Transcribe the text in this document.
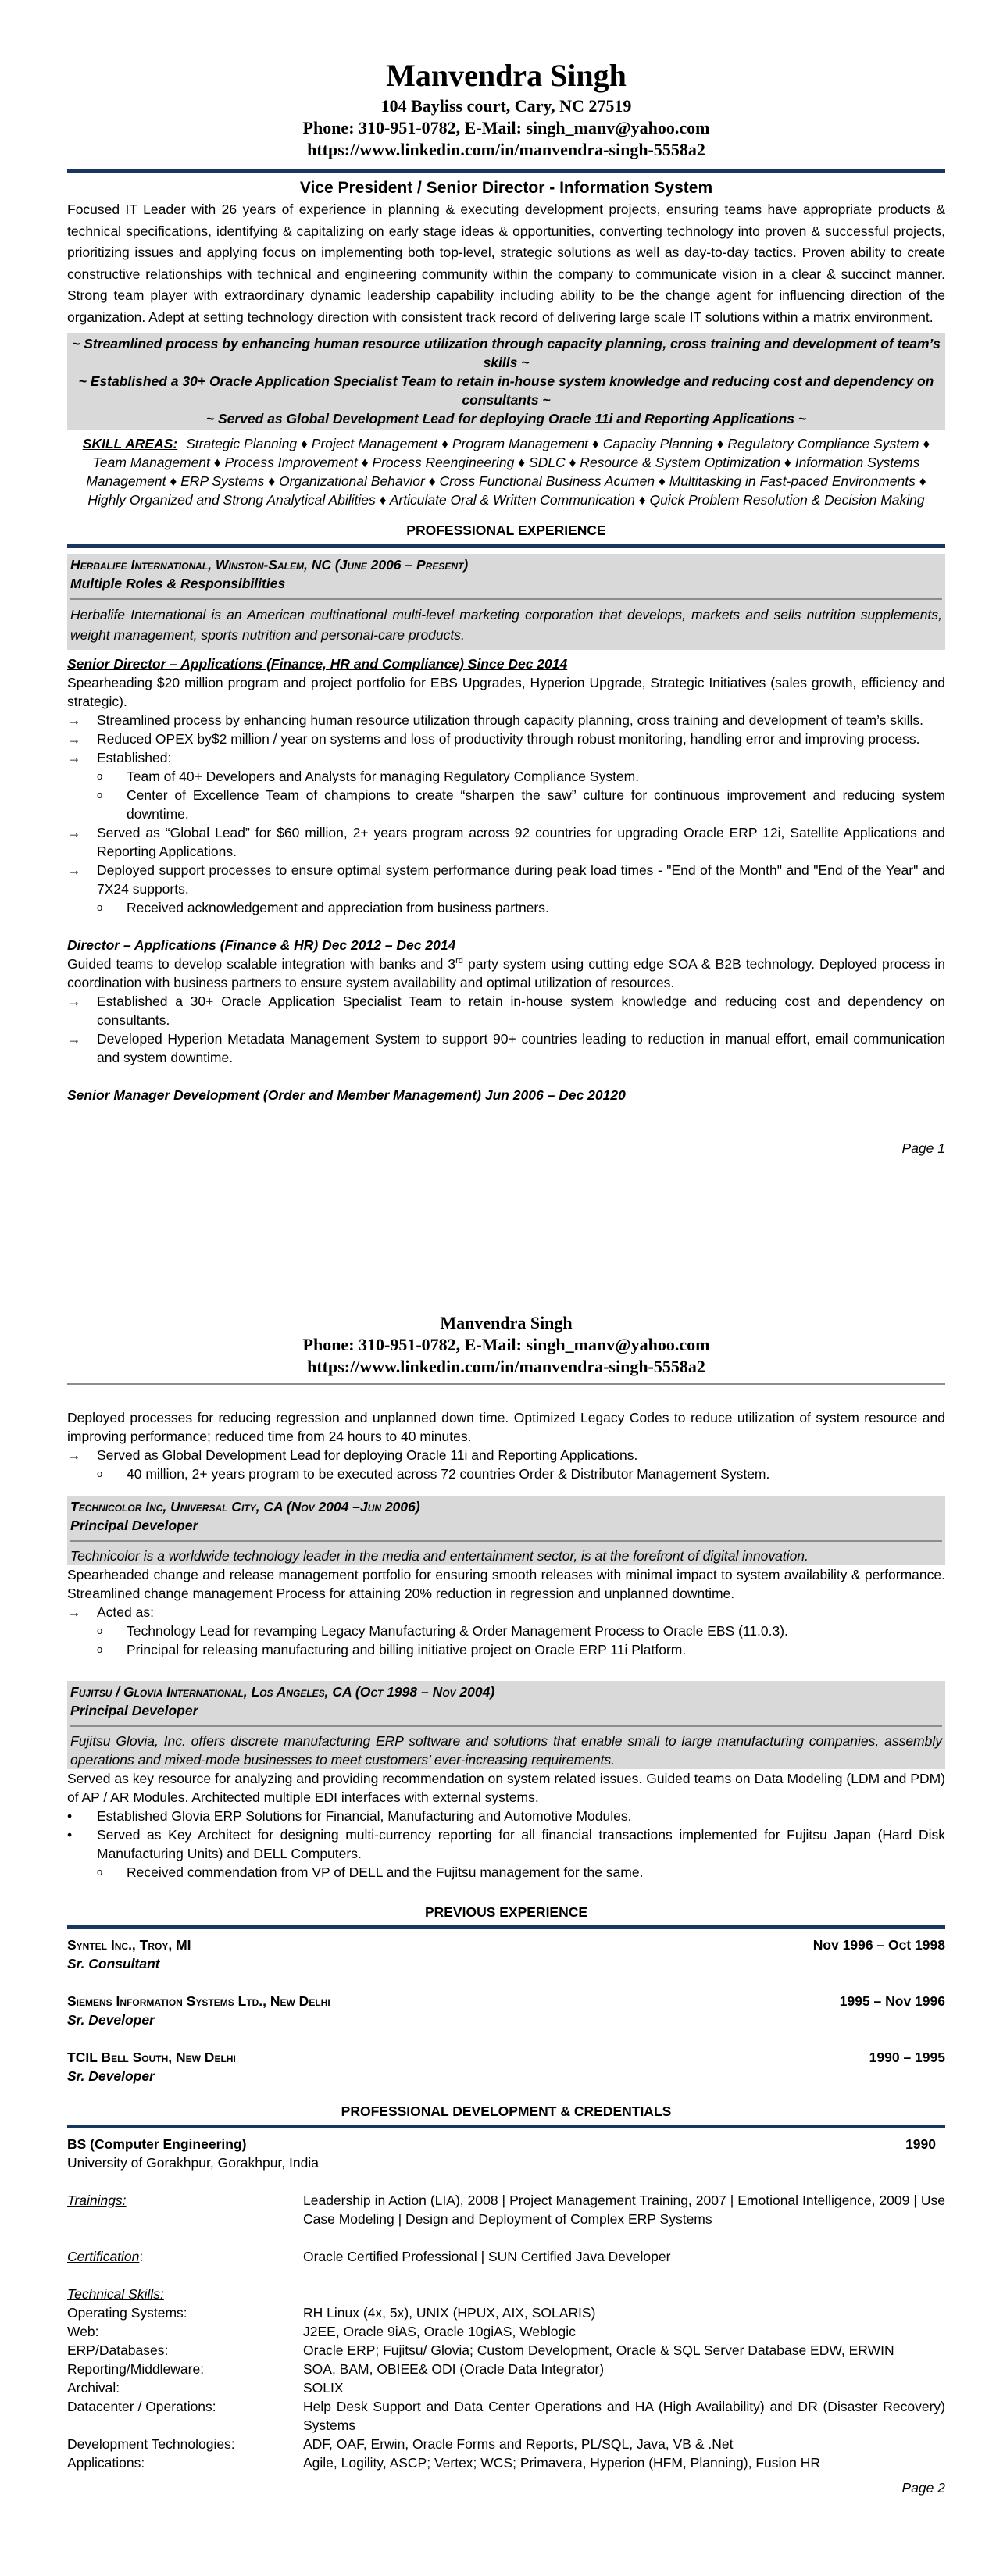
Manvendra Singh
104 Bayliss court, Cary, NC 27519
Phone: 310-951-0782, E-Mail: singh_manv@yahoo.com
https://www.linkedin.com/in/manvendra-singh-5558a2
Vice President / Senior Director - Information System
Focused IT Leader with 26 years of experience in planning & executing development projects, ensuring teams have appropriate products & technical specifications, identifying & capitalizing on early stage ideas & opportunities, converting technology into proven & successful projects, prioritizing issues and applying focus on implementing both top-level, strategic solutions as well as day-to-day tactics. Proven ability to create constructive relationships with technical and engineering community within the company to communicate vision in a clear & succinct manner. Strong team player with extraordinary dynamic leadership capability including ability to be the change agent for influencing direction of the organization. Adept at setting technology direction with consistent track record of delivering large scale IT solutions within a matrix environment.
~ Streamlined process by enhancing human resource utilization through capacity planning, cross training and development of team’s skills ~
~ Established a 30+ Oracle Application Specialist Team to retain in-house system knowledge and reducing cost and dependency on consultants ~
~ Served as Global Development Lead for deploying Oracle 11i and Reporting Applications ~
SKILL AREAS: Strategic Planning ♦ Project Management ♦ Program Management ♦ Capacity Planning ♦ Regulatory Compliance System ♦ Team Management ♦ Process Improvement ♦ Process Reengineering ♦ SDLC ♦ Resource & System Optimization ♦ Information Systems Management ♦ ERP Systems ♦ Organizational Behavior ♦ Cross Functional Business Acumen ♦ Multitasking in Fast-paced Environments ♦ Highly Organized and Strong Analytical Abilities ♦ Articulate Oral & Written Communication ♦ Quick Problem Resolution & Decision Making
PROFESSIONAL EXPERIENCE
Herbalife International, Winston-Salem, NC (June 2006 – Present)
Multiple Roles & Responsibilities
Herbalife International is an American multinational multi-level marketing corporation that develops, markets and sells nutrition supplements, weight management, sports nutrition and personal-care products.
Senior Director – Applications (Finance, HR and Compliance) Since Dec 2014
Spearheading $20 million program and project portfolio for EBS Upgrades, Hyperion Upgrade, Strategic Initiatives (sales growth, efficiency and strategic).
→ Streamlined process by enhancing human resource utilization through capacity planning, cross training and development of team’s skills.
→ Reduced OPEX by$2 million / year on systems and loss of productivity through robust monitoring, handling error and improving process.
→ Established:
o Team of 40+ Developers and Analysts for managing Regulatory Compliance System.
o Center of Excellence Team of champions to create “sharpen the saw” culture for continuous improvement and reducing system downtime.
→ Served as “Global Lead” for $60 million, 2+ years program across 92 countries for upgrading Oracle ERP 12i, Satellite Applications and Reporting Applications.
→ Deployed support processes to ensure optimal system performance during peak load times - "End of the Month" and "End of the Year" and 7X24 supports.
o Received acknowledgement and appreciation from business partners.
Director – Applications (Finance & HR) Dec 2012 – Dec 2014
Guided teams to develop scalable integration with banks and 3rd party system using cutting edge SOA & B2B technology. Deployed process in coordination with business partners to ensure system availability and optimal utilization of resources.
→ Established a 30+ Oracle Application Specialist Team to retain in-house system knowledge and reducing cost and dependency on consultants.
→ Developed Hyperion Metadata Management System to support 90+ countries leading to reduction in manual effort, email communication and system downtime.
Senior Manager Development (Order and Member Management) Jun 2006 – Dec 20120
Page 1
Manvendra Singh
Phone: 310-951-0782, E-Mail: singh_manv@yahoo.com
https://www.linkedin.com/in/manvendra-singh-5558a2
Deployed processes for reducing regression and unplanned down time. Optimized Legacy Codes to reduce utilization of system resource and improving performance; reduced time from 24 hours to 40 minutes.
→ Served as Global Development Lead for deploying Oracle 11i and Reporting Applications.
o 40 million, 2+ years program to be executed across 72 countries Order & Distributor Management System.
Technicolor Inc, Universal City, CA (Nov 2004 –Jun 2006)
Principal Developer
Technicolor is a worldwide technology leader in the media and entertainment sector, is at the forefront of digital innovation.
Spearheaded change and release management portfolio for ensuring smooth releases with minimal impact to system availability & performance. Streamlined change management Process for attaining 20% reduction in regression and unplanned downtime.
→ Acted as:
o Technology Lead for revamping Legacy Manufacturing & Order Management Process to Oracle EBS (11.0.3).
o Principal for releasing manufacturing and billing initiative project on Oracle ERP 11i Platform.
Fujitsu / Glovia International, Los Angeles, CA (Oct 1998 – Nov 2004)
Principal Developer
Fujitsu Glovia, Inc. offers discrete manufacturing ERP software and solutions that enable small to large manufacturing companies, assembly operations and mixed-mode businesses to meet customers’ ever-increasing requirements.
Served as key resource for analyzing and providing recommendation on system related issues. Guided teams on Data Modeling (LDM and PDM) of AP / AR Modules. Architected multiple EDI interfaces with external systems.
•	Established Glovia ERP Solutions for Financial, Manufacturing and Automotive Modules.
•	Served as Key Architect for designing multi-currency reporting for all financial transactions implemented for Fujitsu Japan (Hard Disk Manufacturing Units) and DELL Computers.
o Received commendation from VP of DELL and the Fujitsu management for the same.
PREVIOUS EXPERIENCE
Syntel Inc., Troy, MI	Nov 1996 – Oct 1998
Sr. Consultant
Siemens Information Systems Ltd., New Delhi	1995 – Nov 1996
Sr. Developer
TCIL Bell South, New Delhi	1990 – 1995
Sr. Developer
PROFESSIONAL DEVELOPMENT & CREDENTIALS
BS (Computer Engineering)	1990
University of Gorakhpur, Gorakhpur, India
Trainings:	Leadership in Action (LIA), 2008 | Project Management Training, 2007 | Emotional Intelligence, 2009 | Use Case Modeling | Design and Deployment of Complex ERP Systems
Certification:	Oracle Certified Professional | SUN Certified Java Developer
Technical Skills:
Operating Systems:	RH Linux (4x, 5x), UNIX (HPUX, AIX, SOLARIS)
Web:	J2EE, Oracle 9iAS, Oracle 10giAS, Weblogic
ERP/Databases:	Oracle ERP; Fujitsu/ Glovia; Custom Development, Oracle & SQL Server Database EDW, ERWIN
Reporting/Middleware:	SOA, BAM, OBIEE& ODI (Oracle Data Integrator)
Archival:	SOLIX
Datacenter / Operations:	Help Desk Support and Data Center Operations and HA (High Availability) and DR (Disaster Recovery) Systems
Development Technologies:	ADF, OAF, Erwin, Oracle Forms and Reports, PL/SQL, Java, VB & .Net
Applications:	Agile, Logility, ASCP; Vertex; WCS; Primavera, Hyperion (HFM, Planning), Fusion HR
Page 2
